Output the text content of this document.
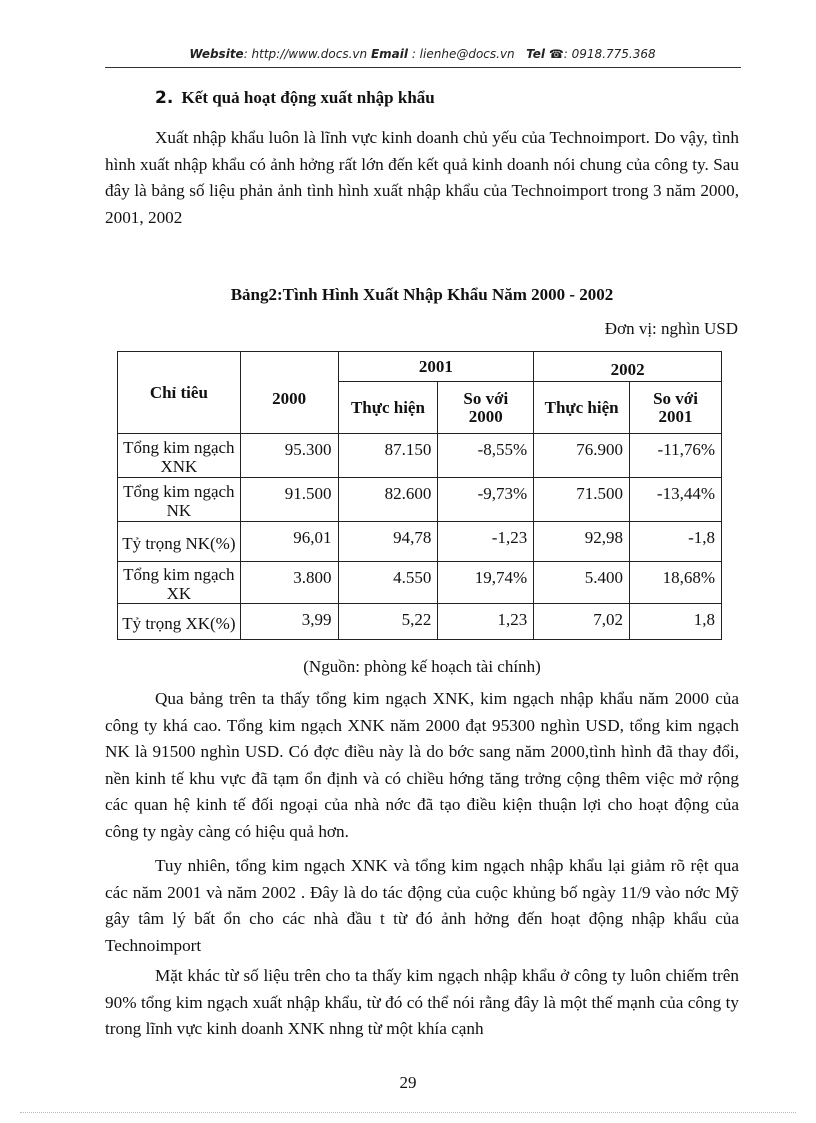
Website: http://www.docs.vn Email : lienhe@docs.vn Tel ☎: 0918.775.368
2. Kết quả hoạt động xuất nhập khẩu

Xuất nhập khẩu luôn là lĩnh vực kinh doanh chủ yếu của Technoimport. Do vậy, tình hình xuất nhập khẩu có ảnh hởng rất lớn đến kết quả kinh doanh nói chung của công ty. Sau đây là bảng số liệu phản ảnh tình hình xuất nhập khẩu của Technoimport trong 3 năm 2000, 2001, 2002

Bảng2:Tình Hình Xuất Nhập Khẩu Năm 2000 - 2002
Đơn vị: nghìn USD
Chỉ tiêu	2000	2001		2002	
		Thực hiện	So với 2000	Thực hiện	So với 2001
Tổng kim ngạch XNK	95.300	87.150	-8,55%	76.900	-11,76%
Tổng kim ngạch NK	91.500	82.600	-9,73%	71.500	-13,44%
Tỷ trọng NK(%)	96,01	94,78	-1,23	92,98	-1,8
Tổng kim ngạch XK	3.800	4.550	19,74%	5.400	18,68%
Tỷ trọng XK(%)	3,99	5,22	1,23	7,02	1,8
(Nguồn: phòng kế hoạch tài chính)

Qua bảng trên ta thấy tổng kim ngạch XNK, kim ngạch nhập khẩu năm 2000 của công ty khá cao. Tổng kim ngạch XNK năm 2000 đạt 95300 nghìn USD, tổng kim ngạch NK là 91500 nghìn USD. Có đợc điều này là do bớc sang năm 2000,tình hình đã thay đổi, nền kinh tế khu vực đã tạm ổn định và có chiều hớng tăng trởng cộng thêm việc mở rộng các quan hệ kinh tế đối ngoại của nhà nớc đã tạo điều kiện thuận lợi cho hoạt động của công ty ngày càng có hiệu quả hơn.

Tuy nhiên, tổng kim ngạch XNK và tổng kim ngạch nhập khẩu lại giảm rõ rệt qua các năm 2001 và năm 2002 . Đây là do tác động của cuộc khủng bố ngày 11/9 vào nớc Mỹ gây tâm lý bất ổn cho các nhà đầu t từ đó ảnh hởng đến hoạt động nhập khẩu của Technoimport

Mặt khác từ số liệu trên cho ta thấy kim ngạch nhập khẩu ở công ty luôn chiếm trên 90% tổng kim ngạch xuất nhập khẩu, từ đó có thể nói rằng đây là một thế mạnh của công ty trong lĩnh vực kinh doanh XNK nhng từ một khía cạnh

29
